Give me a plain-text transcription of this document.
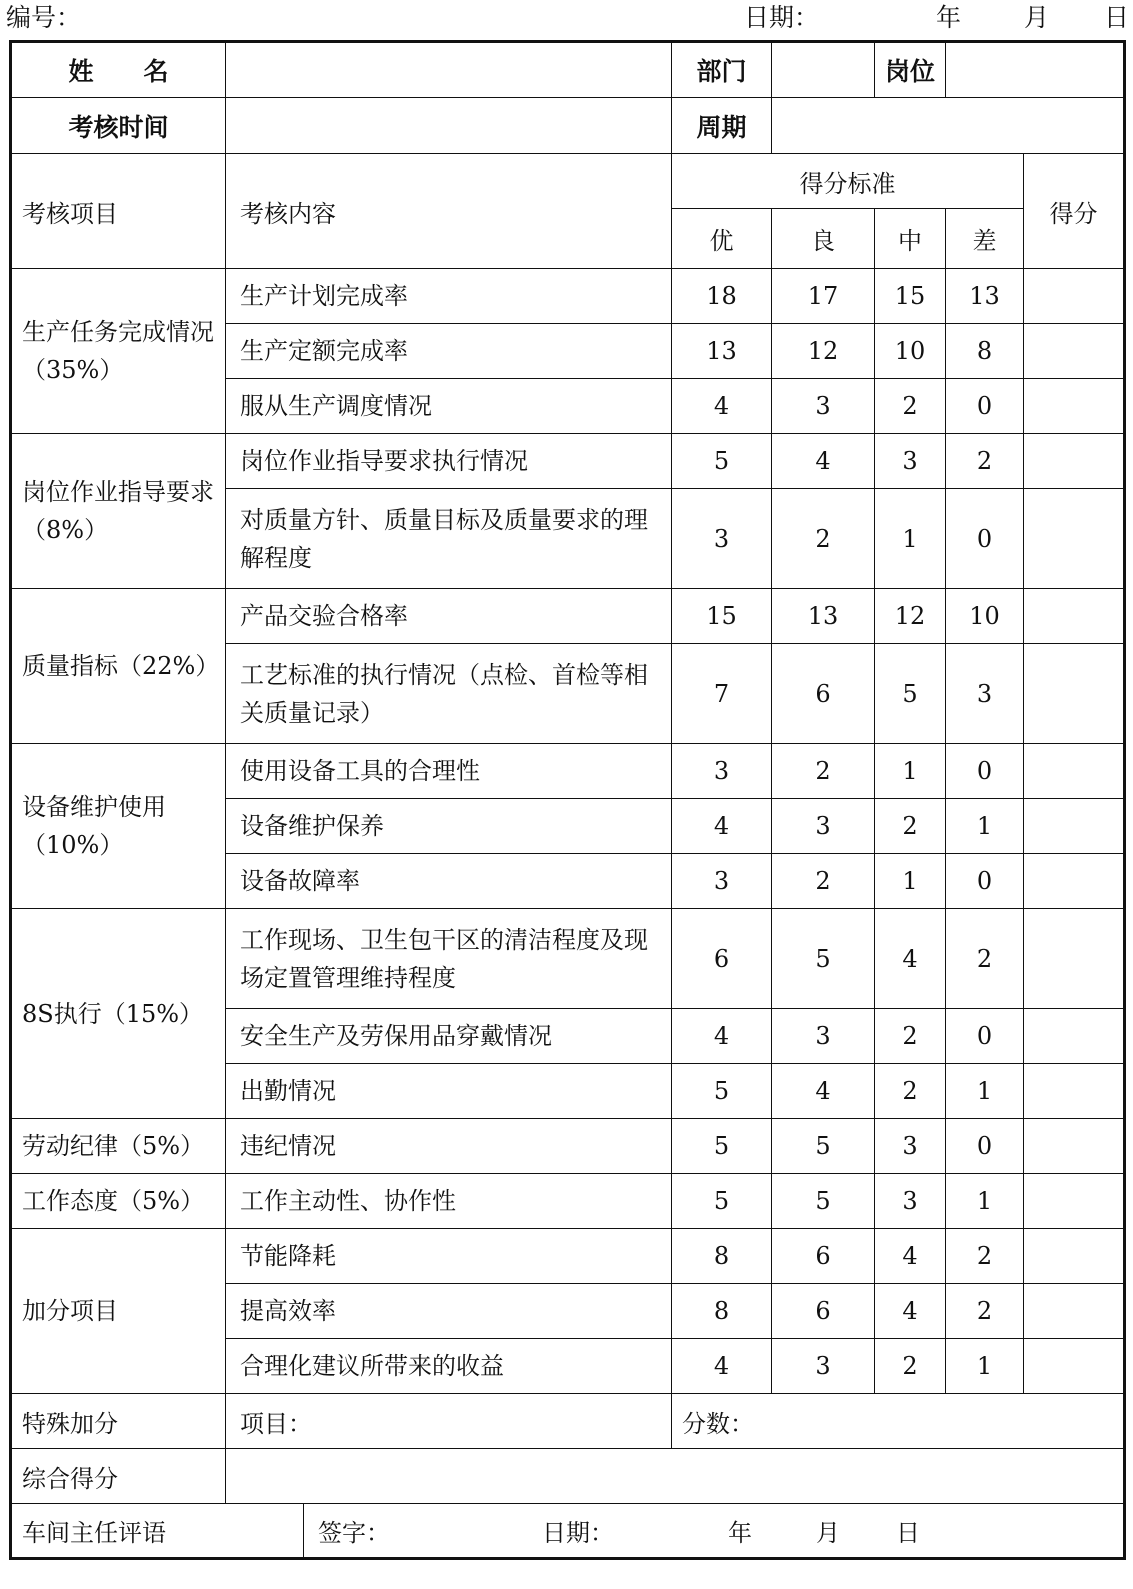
编号：	日期：	年	月 日
姓　　名			部门		岗位		
考核时间			周期				
考核项目	考核内容		得分标准				得分
			优	良	中	差	
生产任务完成情况（35%）	生产计划完成率		18	17	15	13	
	生产定额完成率		13	12	10	8	
	服从生产调度情况		4	3	2	0	
岗位作业指导要求（8%）	岗位作业指导要求执行情况		5	4	3	2	
	对质量方针、质量目标及质量要求的理解程度		3	2	1	0	
质量指标（22%）	产品交验合格率		15	13	12	10	
	工艺标准的执行情况（点检、首检等相关质量记录）		7	6	5	3	
设备维护使用（10%）	使用设备工具的合理性		3	2	1	0	
	设备维护保养		4	3	2	1	
	设备故障率		3	2	1	0	
8S执行（15%）	工作现场、卫生包干区的清洁程度及现场定置管理维持程度		6	5	4	2	
	安全生产及劳保用品穿戴情况		4	3	2	0	
	出勤情况		5	4	2	1	
劳动纪律（5%）	违纪情况		5	5	3	0	
工作态度（5%）	工作主动性、协作性		5	5	3	1	
加分项目	节能降耗		8	6	4	2	
	提高效率		8	6	4	2	
	合理化建议所带来的收益		4	3	2	1	
特殊加分	项目：		分数：				
综合得分							
车间主任评语		签字： 日期： 年 月 日					
